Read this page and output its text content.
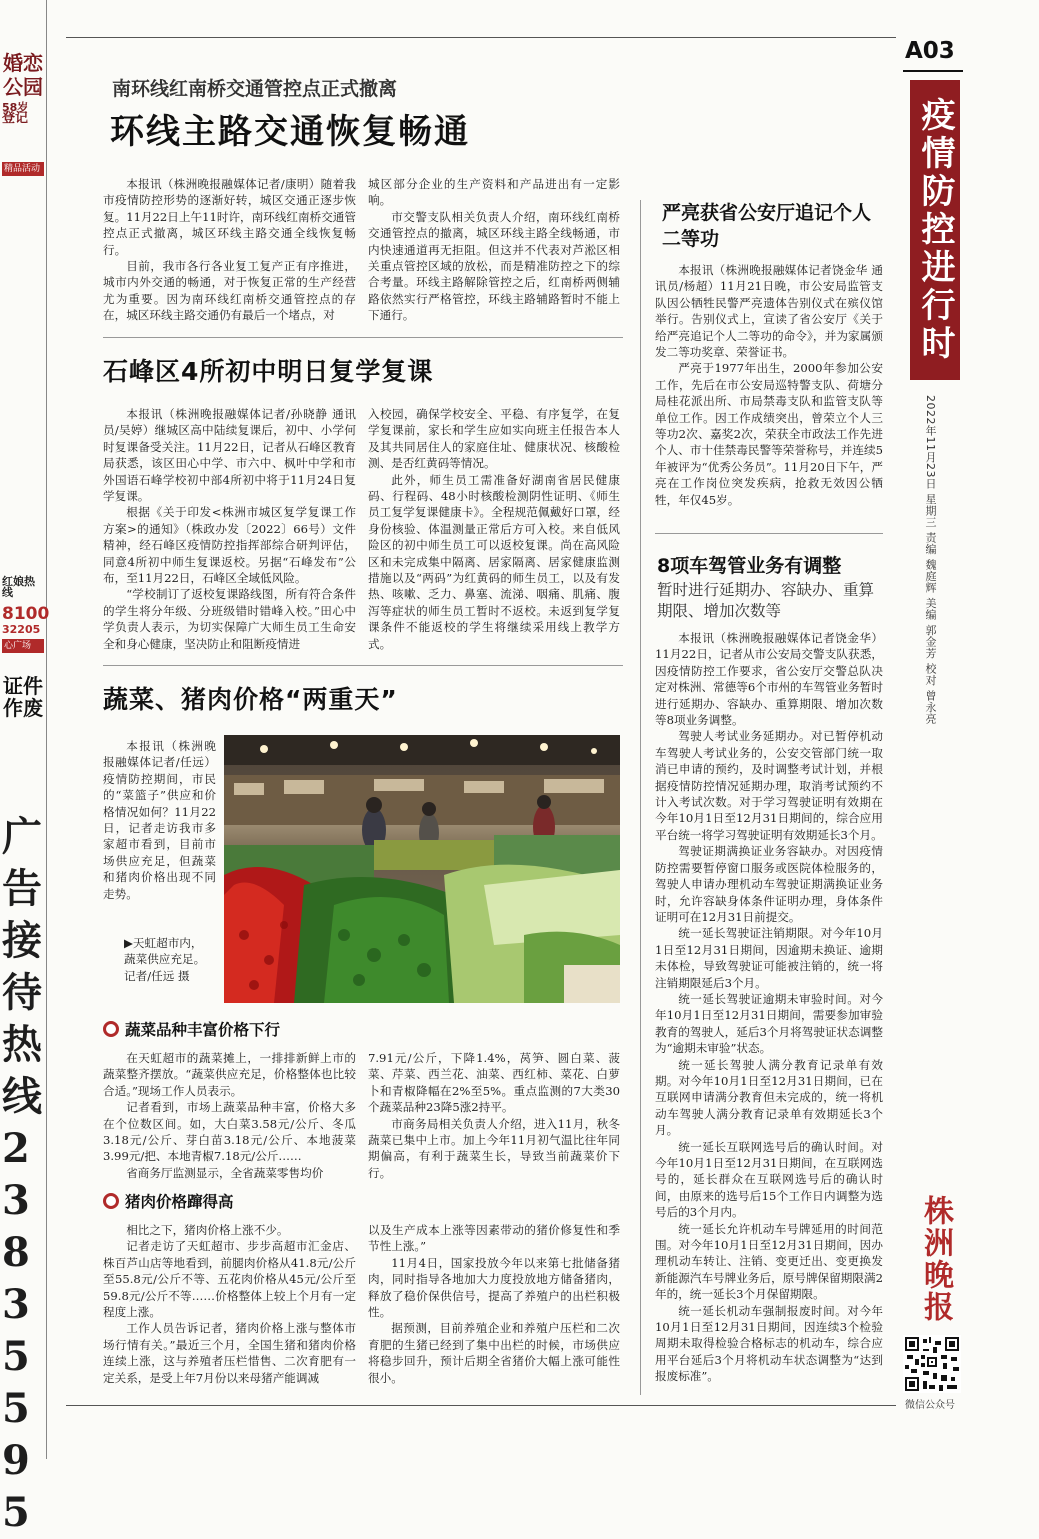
婚恋
公园
58岁
登记
精品活动
红娘热线
8100
32205
心广场
证件
作废
广告接待热线23835595
A03
疫情防控进行时
2022年11月23日 星期三 责编 魏庭辉 美编 郭金芳 校对 曾永亮
株洲晚报
微信公众号
南环线红南桥交通管控点正式撤离
环线主路交通恢复畅通

本报讯（株洲晚报融媒体记者/康明）随着我市疫情防控形势的逐渐好转，城区交通正逐步恢复。11月22日上午11时许，南环线红南桥交通管控点正式撤离，城区环线主路交通全线恢复畅行。

目前，我市各行各业复工复产正有序推进，城市内外交通的畅通，对于恢复正常的生产经营尤为重要。因为南环线红南桥交通管控点的存在，城区环线主路交通仍有最后一个堵点，对

城区部分企业的生产资料和产品进出有一定影响。

市交警支队相关负责人介绍，南环线红南桥交通管控点的撤离，城区环线主路全线畅通，市内快速通道再无拒阻。但这并不代表对芦淞区相关重点管控区域的放松，而是精准防控之下的综合考量。环线主路解除管控之后，红南桥两侧辅路依然实行严格管控，环线主路辅路暂时不能上下通行。

石峰区4所初中明日复学复课

本报讯（株洲晚报融媒体记者/孙晓静 通讯员/吴婷）继城区高中陆续复课后，初中、小学何时复课备受关注。11月22日，记者从石峰区教育局获悉，该区田心中学、市六中、枫叶中学和市外国语石峰学校初中部4所初中将于11月24日复学复课。

根据《关于印发<株洲市城区复学复课工作方案>的通知》（株政办发〔2022〕66号）文件精神，经石峰区疫情防控指挥部综合研判评估，同意4所初中师生复课返校。另据“石峰发布”公布，至11月22日，石峰区全域低风险。

“学校制订了返校复课路线图，所有符合条件的学生将分年级、分班级错时错峰入校。”田心中学负责人表示，为切实保障广大师生员工生命安全和身心健康，坚决防止和阻断疫情进

入校园，确保学校安全、平稳、有序复学，在复学复课前，家长和学生应如实向班主任报告本人及其共同居住人的家庭住址、健康状况、核酸检测、是否红黄码等情况。

此外，师生员工需准备好湖南省居民健康码、行程码、48小时核酸检测阴性证明、《师生员工复学复课健康卡》。全程规范佩戴好口罩，经身份核验、体温测量正常后方可入校。来自低风险区的初中师生员工可以返校复课。尚在高风险区和未完成集中隔离、居家隔离、居家健康监测措施以及“两码”为红黄码的师生员工，以及有发热、咳嗽、乏力、鼻塞、流涕、咽痛、肌痛、腹泻等症状的师生员工暂时不返校。未返到复学复课条件不能返校的学生将继续采用线上教学方式。

蔬菜、猪肉价格“两重天”
本报讯（株洲晚报融媒体记者/任远）疫情防控期间，市民的“菜篮子”供应和价格情况如何？11月22日，记者走访我市多家超市看到，目前市场供应充足，但蔬菜和猪肉价格出现不同走势。
▶天虹超市内，蔬菜供应充足。记者/任远 摄
蔬菜品种丰富价格下行

在天虹超市的蔬菜摊上，一排排新鲜上市的蔬菜整齐摆放。“蔬菜供应充足，价格整体也比较合适。”现场工作人员表示。

记者看到，市场上蔬菜品种丰富，价格大多在个位数区间。如，大白菜3.58元/公斤、冬瓜3.18元/公斤、芽白苗3.18元/公斤、本地菠菜3.99元/把、本地青椒7.18元/公斤……

省商务厅监测显示，全省蔬菜零售均价

7.91元/公斤，下降1.4%，莴笋、圆白菜、菠菜、芹菜、西兰花、油菜、西红柿、菜花、白萝卜和青椒降幅在2%至5%。重点监测的7大类30个蔬菜品种23降5涨2持平。

市商务局相关负责人介绍，进入11月，秋冬蔬菜已集中上市。加上今年11月初气温比往年同期偏高，有利于蔬菜生长，导致当前蔬菜价下行。

猪肉价格蹿得高

相比之下，猪肉价格上涨不少。

记者走访了天虹超市、步步高超市汇金店、株百芦山店等地看到，前腿肉价格从41.8元/公斤至55.8元/公斤不等、五花肉价格从45元/公斤至59.8元/公斤不等……价格整体上较上个月有一定程度上涨。

工作人员告诉记者，猪肉价格上涨与整体市场行情有关。”最近三个月，全国生猪和猪肉价格连续上涨，这与养殖者压栏惜售、二次育肥有一定关系，是受上年7月份以来母猪产能调减

以及生产成本上涨等因素带动的猪价修复性和季节性上涨。”

11月4日，国家投放今年以来第七批储备猪肉，同时指导各地加大力度投放地方储备猪肉，释放了稳价保供信号，提高了养殖户的出栏积极性。

据预测，目前养殖企业和养殖户压栏和二次育肥的生猪已经到了集中出栏的时候，市场供应将稳步回升，预计后期全省猪价大幅上涨可能性很小。

严亮获省公安厅追记个人二等功

本报讯（株洲晚报融媒体记者饶金华 通讯员/杨超）11月21日晚，市公安局监管支队因公牺牲民警严亮遗体告别仪式在殡仪馆举行。告别仪式上，宣读了省公安厅《关于给严亮追记个人二等功的命令》，并为家属颁发二等功奖章、荣誉证书。

严亮于1977年出生，2000年参加公安工作，先后在市公安局巡特警支队、荷塘分局桂花派出所、市局禁毒支队和监管支队等单位工作。因工作成绩突出，曾荣立个人三等功2次、嘉奖2次，荣获全市政法工作先进个人、市十佳禁毒民警等荣誉称号，并连续5年被评为“优秀公务员”。11月20日下午，严亮在工作岗位突发疾病，抢救无效因公牺牲，年仅45岁。

8项车驾管业务有调整
暂时进行延期办、容缺办、重算期限、增加次数等

本报讯（株洲晚报融媒体记者饶金华）11月22日，记者从市公安局交警支队获悉，因疫情防控工作要求，省公安厅交警总队决定对株洲、常德等6个市州的车驾管业务暂时进行延期办、容缺办、重算期限、增加次数等8项业务调整。

驾驶人考试业务延期办。对已暂停机动车驾驶人考试业务的，公安交管部门统一取消已申请的预约，及时调整考试计划，并根据疫情防控情况延期办理，取消考试预约不计入考试次数。对于学习驾驶证明有效期在今年10月1日至12月31日期间的，综合应用平台统一将学习驾驶证明有效期延长3个月。

驾驶证期满换证业务容缺办。对因疫情防控需要暂停窗口服务或医院体检服务的，驾驶人申请办理机动车驾驶证期满换证业务时，允许容缺身体条件证明办理，身体条件证明可在12月31日前提交。

统一延长驾驶证注销期限。对今年10月1日至12月31日期间，因逾期未换证、逾期未体检，导致驾驶证可能被注销的，统一将注销期限延后3个月。

统一延长驾驶证逾期未审验时间。对今年10月1日至12月31日期间，需要参加审验教育的驾驶人，延后3个月将驾驶证状态调整为“逾期未审验”状态。

统一延长驾驶人满分教育记录单有效期。对今年10月1日至12月31日期间，已在互联网申请满分教育但未完成的，统一将机动车驾驶人满分教育记录单有效期延长3个月。

统一延长互联网选号后的确认时间。对今年10月1日至12月31日期间，在互联网选号的，延长群众在互联网选号后的确认时间，由原来的选号后15个工作日内调整为选号后的3个月内。

统一延长允许机动车号牌延用的时间范围。对今年10月1日至12月31日期间，因办理机动车转让、注销、变更迁出、变更换发新能源汽车号牌业务后，原号牌保留期限满2年的，统一延长3个月保留期限。

统一延长机动车强制报废时间。对今年10月1日至12月31日期间，因连续3个检验周期未取得检验合格标志的机动车，综合应用平台延后3个月将机动车状态调整为“达到报废标准”。
